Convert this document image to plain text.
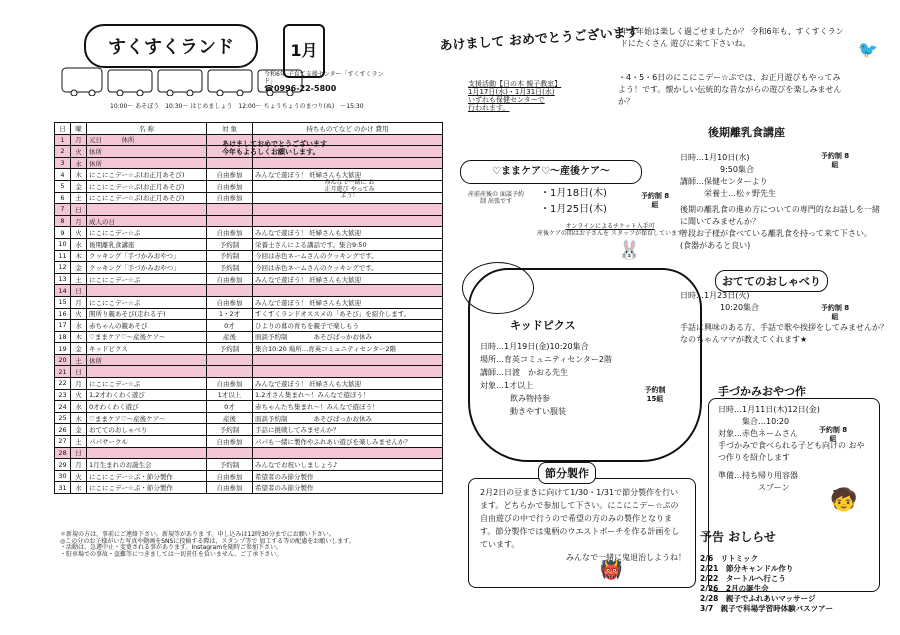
すくすくランド	1月
令和6年 子育て支援センター「すくすくランド」
☎0996-22-5800
10:00～ あそぼう　10:30～ はじめましょう　12:00～ ちょうちょうのまつり(ぬ)　～15:30
日	曜	名 称	対 象	持ちものてなど のかけ 費用
1	月	元日　　　休所		
2	火	休所		
3	水	休所		
4	木	にこにこデー☆ぷ(お正月あそび)	自由参加	みんなで遊ぼう！ 妊婦さんも大歓迎
5	金	にこにこデー☆ぷ(お正月あそび)	自由参加	
6	土	にこにこデー☆ぷ(お正月あそび)	自由参加	
7	日			
8	月	成人の日		
9	火	にこにこデー☆ぷ	自由参加	みんなで遊ぼう！ 妊婦さんも大歓迎
10	水	後期離乳食講座	予約制	栄養士さんによる講話です。集合9:50
11	木	クッキング「手づかみおやつ」	予約制	今回は赤色ネームさんのクッキングです。
12	金	クッキング「手づかみおやつ」	予約制	今回は赤色ネームさんのクッキングです。
13	土	にこにこデー☆ぷ	自由参加	みんなで遊ぼう！ 妊婦さんも大歓迎
14	日			
15	月	にこにこデー☆ぷ	自由参加	みんなで遊ぼう！ 妊婦さんも大歓迎
16	火	開所り親あそび(走れる子)	1・2才	すくすくランドオススメの「あそび」を紹介します。
17	水	赤ちゃんの親あそび	0才	ひよりの暮の育ちを親子で楽しもう
18	木	♡ままケア♡～産後ケア～	産後	面談予約制　　　　あそびぱっかお休み
19	金	キッドピクス	予約制	集合10:20 場所…育英コミュニティセンター2階
20	土	休所		
21	日			
22	月	にこにこデー☆ぷ	自由参加	みんなで遊ぼう！ 妊婦さんも大歓迎
23	火	1,2才わくわく遊び	1才以上	1,2才さん集まれ～！みんなで遊ぼう！
24	水	0才わくわく遊び	0才	赤ちゃんたち集まれ～！みんなで遊ぼう！
25	木	♡ままケア♡～産後ケア～	産後	面談予約制　　　　あそびぱっかお休み
26	金	おててのおしゃべり	予約制	手話に挑戦してみませんか？
27	土	パパサークル	自由参加	パパも一緒に製作やふれあい遊びを楽しみませんか？
28	日			
29	月	1月生まれのお誕生会	予約制	みんなでお祝いしましょう♪
30	火	にこにこデー☆ぷ・節分製作	自由参加	希望者のみ節分製作
31	水	にこにこデー☆ぷ・節分製作	自由参加	希望者のみ節分製作
あけましておめでとうございます
今年もよろしくお願いします。
みんなで一緒に お正月遊び やってみよう！
＊新規の方は、事前にご連絡下さい。新規等がありま す。申し込みは12時30分までにお願い下さい。
◎この分のお子様がいた写真や動画をSNSに投稿する際は、スタンプ等で 加工する等の配慮をお願いします。
・活動は、急遽中止・変更される事があります。Instagramを随時ご参加下さい。
・駐車場での事故・盗難等につきましては一切責任を負いません。ご了承下さい。
あけまして おめでとうございます
支援活動【日の木 親子教室】
1月17日(水)・1月31日(水)
いずれも保健センターで
行われます。
♡ままケア♡～産後ケア～
産前産後の 面談予約制 出張です
・1月18日(木)
・1月25日(木)
予約制 8組
オンラインによるチケット入手可
産後ケアの間はお子さんを スタッフが保育しています
キッドピクス
日時…1月19日(金)10:20集合
場所…育英コミュニティセンター2階
講師…日渡　かおる先生
対象…1才以上
飲み物持参
動きやすい服装
予約制 15組
節分製作
2月2日の豆まきに向けて1/30・1/31で節分製作を行います。どちらかで参加して下さい。にこにこデー☆ぷの自由遊びの中で行うので希望の方のみの製作となります。節分製作では鬼柄のウエストポーチを作る計画をしています。
みんなで一緒に鬼退治しようね！
年末年始は楽しく過ごせましたか？ 令和6年も、すくすくランドにたくさん 遊びに来て下さいね。
・4・5・6日のにこにこデー☆ぷでは、お正月遊びもやってみよう！です。懐かしい伝統的な昔ながらの遊びを楽しみませんか？
後期離乳食講座
日時…1月10日(水)
9:50集合
講師…保健センターより
栄養士…松ヶ野先生
後期の離乳食の進め方についての専門的なお話しを一緒に聞いてみませんか？
普段お子様が食べている離乳食を持って来て下さい。(食器があると良い)
予約制 8組
おててのおしゃべり
日時…1月23日(火)
10:20集合
手話に興味のある方、手話で歌や挨拶をしてみませんか？
なのちゃんママが教えてくれます★
予約制 8組
手づかみおやつ作
日時…1月11日(木)12日(金)
集合…10:20
対象…赤色ネームさん
手づかみで食べられる子ども向けの おやつ作りを紹介します
準備…持ち帰り用容器
スプーン
予約制 8組
予告 おしらせ
2/6　リトミック
2/21　節分キャンドル作り
2/22　タートルへ行こう
2/26　2月の誕生会
2/28　親子でふれあいマッサージ
3/7　親子で科場学習時体験バスツアー
🐰
🐦
🧒
👹
